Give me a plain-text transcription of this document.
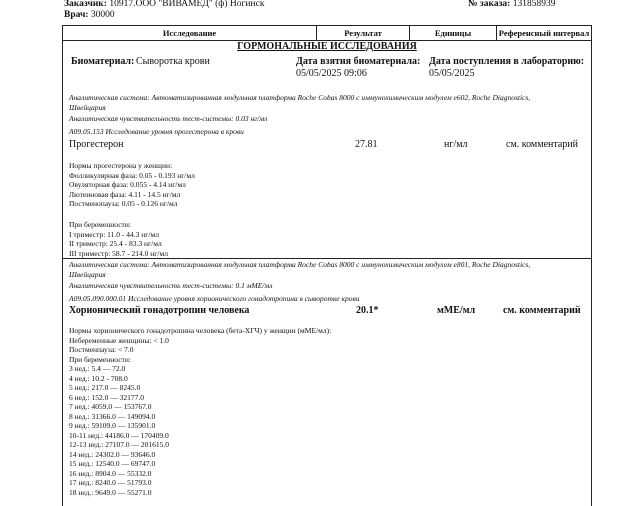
Заказчик: 10917.ООО "ВИВАМЕД" (ф) Ногинск	№ заказа: 131858939
Врач: 30000
Исследование	Результат	Единицы	Референсный интервал
ГОРМОНАЛЬНЫЕ ИССЛЕДОВАНИЯ
Биоматериал: Сыворотка крови	Дата взятия биоматериала:
05/05/2025 09:06
Дата поступления в лабораторию:
05/05/2025
Аналитическая система: Автоматизированная модульная платформа Roche Cobas 8000 с иммунохимическим модулем e602, Roche Diagnostics,
Швейцария
Аналитическая чувствительность тест-системы: 0.03 нг/мл
A09.05.153 Исследование уровня прогестерона в крови
Прогестерон	27.81	нг/мл	см. комментарий
Нормы прогестерона у женщин:
Фолликулярная фаза: 0.05 - 0.193 нг/мл
Овуляторная фаза: 0.055 - 4.14 нг/мл
Лютеиновая фаза: 4.11 - 14.5 нг/мл
Постменопауза: 0.05 - 0.126 нг/мл
При беременности:
I триместр: 11.0 - 44.3 нг/мл
II триместр: 25.4 - 83.3 нг/мл
III триместр: 58.7 - 214.0 нг/мл
Аналитическая система: Автоматизированная модульная платформа Roche Cobas 8000 с иммунохимическим модулем e801, Roche Diagnostics,
Швейцария
Аналитическая чувствительность тест-системы: 0.1 мМЕ/мл
A09.05.090.000.01 Исследование уровня хорионического гонадотропина в сыворотке крови
Хорионический гонадотропин человека	20.1*	мМЕ/мл	см. комментарий
Нормы хорионического гонадотропина человека (бета-ХГЧ) у женщин (мМЕ/мл):
Небеременные женщины: < 1.0
Постменпауза: < 7.0
При беременности:
3 нед.: 5.4 — 72.0
4 нед.: 10.2 - 708.0
5 нед.: 217.0 — 8245.0
6 нед.: 152.0 — 32177.0
7 нед.: 4059.0 — 153767.0
8 нед.: 31366.0 — 149094.0
9 нед.: 59109.0 — 135901.0
10-11 нед.: 44186.0 — 170409.0
12-13 нед.: 27107.0 — 201615.0
14 нед.: 24302.0 — 93646.0
15 нед.: 12540.0 — 69747.0
16 нед.: 8904.0 — 55332.0
17 нед.: 8240.0 — 51793.0
18 нед.: 9649.0 — 55271.0
